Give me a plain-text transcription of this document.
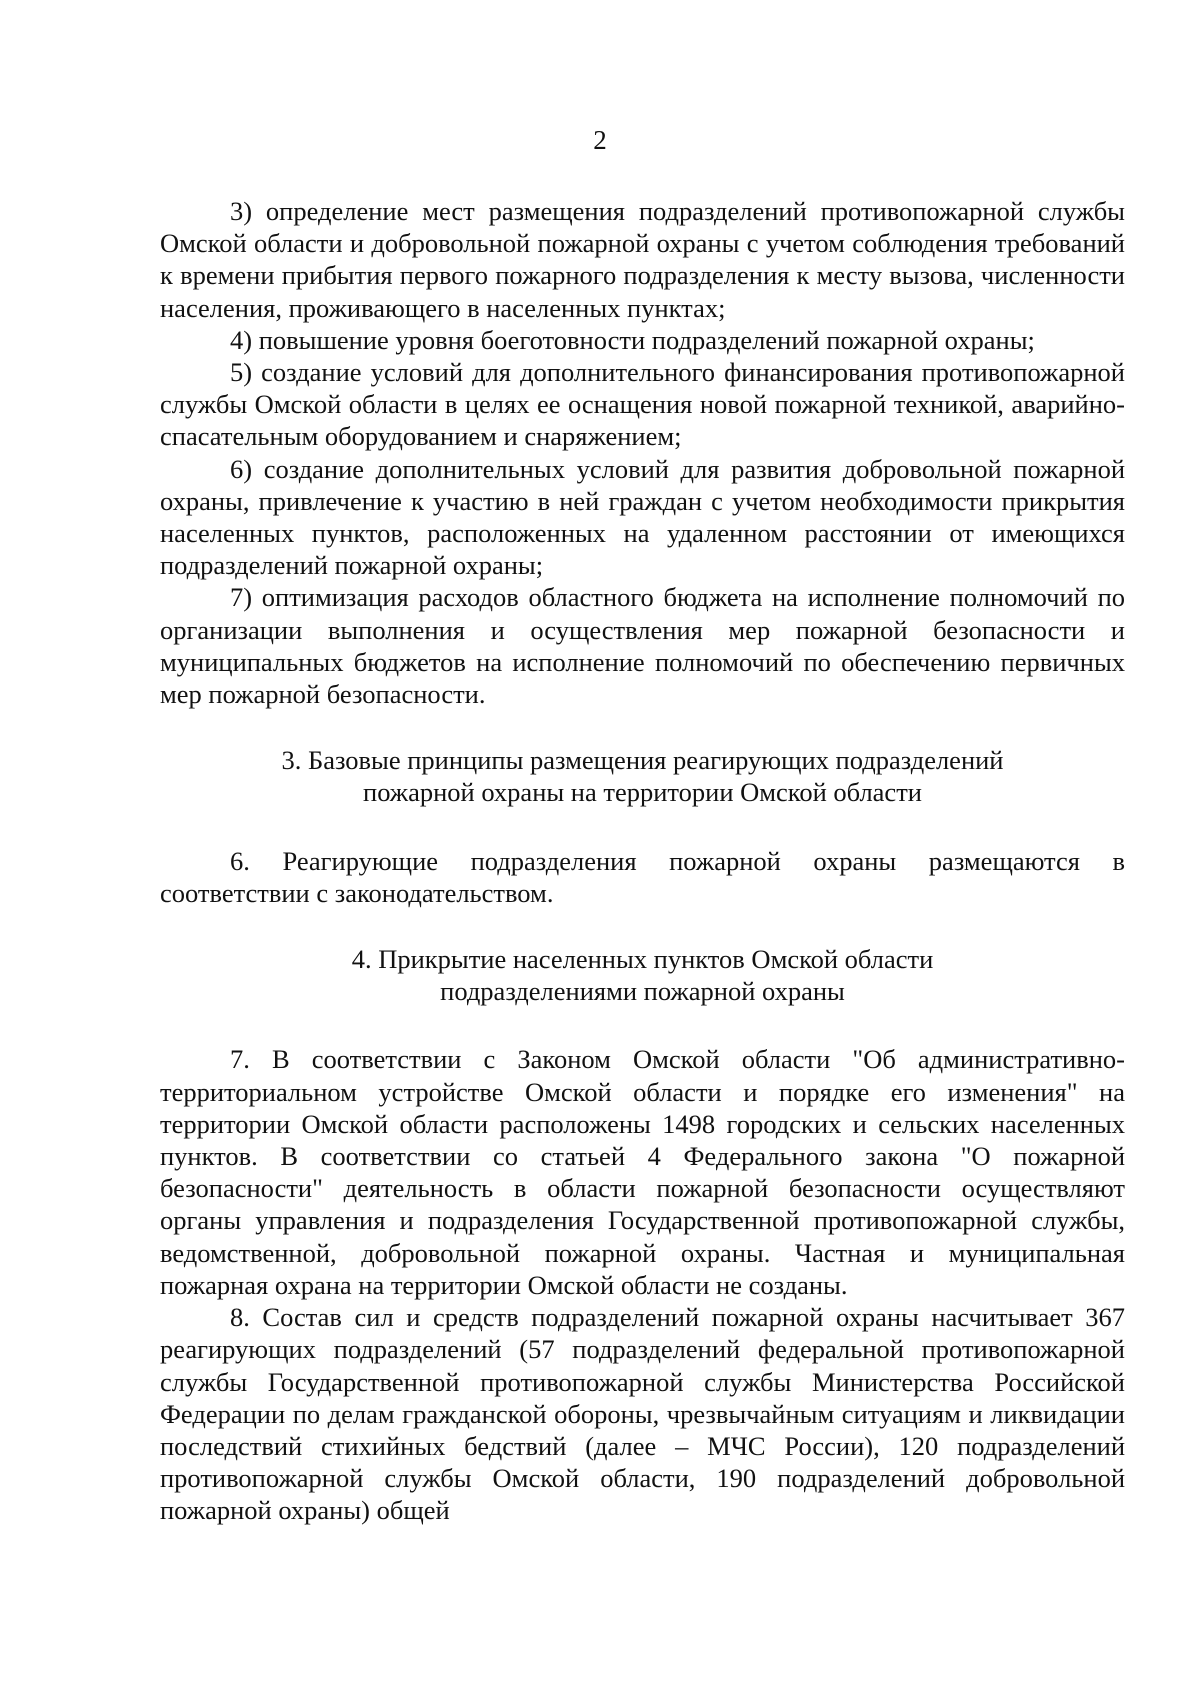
2

3) определение мест размещения подразделений противопожарной службы Омской области и добровольной пожарной охраны с учетом соблюдения требований к времени прибытия первого пожарного подразделения к месту вызова, численности населения, проживающего в населенных пунктах;

4) повышение уровня боеготовности подразделений пожарной охраны;

5) создание условий для дополнительного финансирования противопожарной службы Омской области в целях ее оснащения новой пожарной техникой, аварийно-спасательным оборудованием и снаряжением;

6) создание дополнительных условий для развития добровольной пожарной охраны, привлечение к участию в ней граждан с учетом необходимости прикрытия населенных пунктов, расположенных на удаленном расстоянии от имеющихся подразделений пожарной охраны;

7) оптимизация расходов областного бюджета на исполнение полномочий по организации выполнения и осуществления мер пожарной безопасности и муниципальных бюджетов на исполнение полномочий по обеспечению первичных мер пожарной безопасности.

3. Базовые принципы размещения реагирующих подразделений
пожарной охраны на территории Омской области

6. Реагирующие подразделения пожарной охраны размещаются в соответствии с законодательством.

4. Прикрытие населенных пунктов Омской области
подразделениями пожарной охраны

7. В соответствии с Законом Омской области "Об административно-территориальном устройстве Омской области и порядке его изменения" на территории Омской области расположены 1498 городских и сельских населенных пунктов. В соответствии со статьей 4 Федерального закона "О пожарной безопасности" деятельность в области пожарной безопасности осуществляют органы управления и подразделения Государственной противопожарной службы, ведомственной, добровольной пожарной охраны. Частная и муниципальная пожарная охрана на территории Омской области не созданы.

8. Состав сил и средств подразделений пожарной охраны насчитывает 367 реагирующих подразделений (57 подразделений федеральной противопожарной службы Государственной противопожарной службы Министерства Российской Федерации по делам гражданской обороны, чрезвычайным ситуациям и ликвидации последствий стихийных бедствий (далее – МЧС России), 120 подразделений противопожарной службы Омской области, 190 подразделений добровольной пожарной охраны) общей
